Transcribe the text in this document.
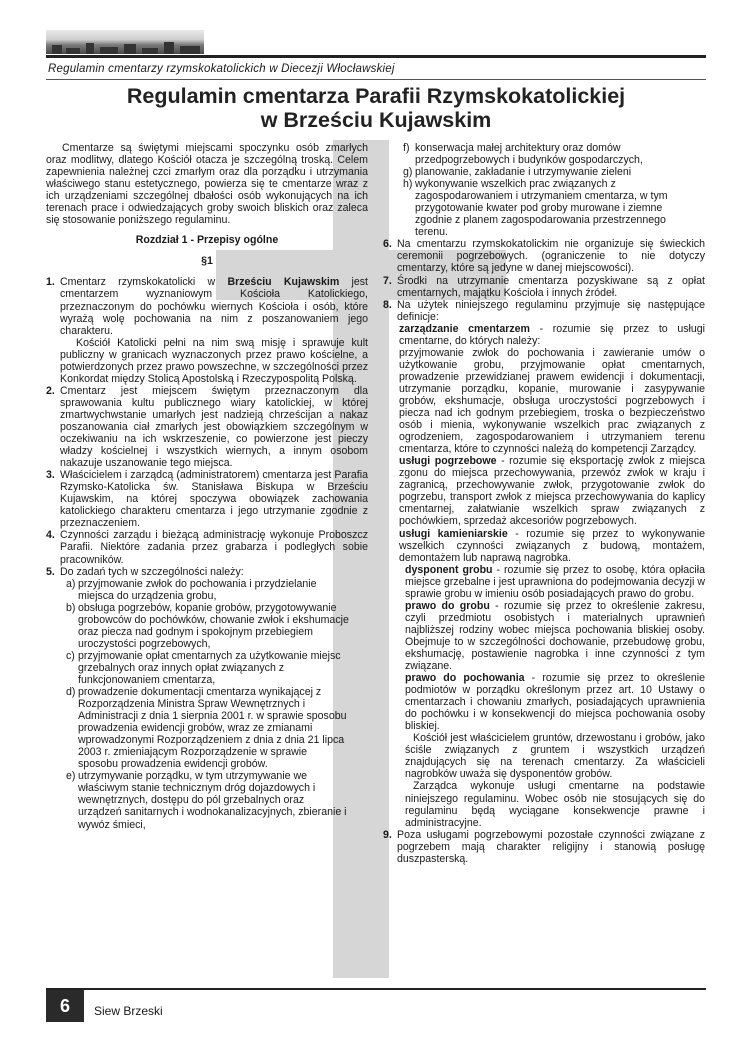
Regulamin cmentarzy rzymskokatolickich w Diecezji Włocławskiej
Regulamin cmentarza Parafii Rzymskokatolickiej
w Brześciu Kujawskim

Cmentarze są świętymi miejscami spoczynku osób zmarłych oraz modlitwy, dlatego Kościół otacza je szczególną troską. Celem zapewnienia należnej czci zmarłym oraz dla porządku i utrzymania właściwego stanu estetycznego, powierza się te cmentarze wraz z ich urządzeniami szczególnej dbałości osób wykonujących na ich terenach prace i odwiedzających groby swoich bliskich oraz zaleca się stosowanie poniższego regulaminu.

Rozdział 1 - Przepisy ogólne

§1

1. Cmentarz rzymskokatolicki w Brześciu Kujawskim jest cmentarzem wyznaniowym Kościoła Katolickiego, przeznaczonym do pochówku wiernych Kościoła i osób, które wyrażą wolę pochowania na nim z poszanowaniem jego charakteru.

Kościół Katolicki pełni na nim swą misję i sprawuje kult publiczny w granicach wyznaczonych przez prawo kościelne, a potwierdzonych przez prawo powszechne, w szczególności przez Konkordat między Stolicą Apostolską i Rzeczypospolitą Polską.

2. Cmentarz jest miejscem świętym przeznaczonym dla sprawowania kultu publicznego wiary katolickiej, w której zmartwychwstanie umarłych jest nadzieją chrześcijan a nakaz poszanowania ciał zmarłych jest obowiązkiem szczególnym w oczekiwaniu na ich wskrzeszenie, co powierzone jest pieczy władzy kościelnej i wszystkich wiernych, a innym osobom nakazuje uszanowanie tego miejsca.
3. Właścicielem i zarządcą (administratorem) cmentarza jest Parafia Rzymsko-Katolicka św. Stanisława Biskupa w Brześciu Kujawskim, na której spoczywa obowiązek zachowania katolickiego charakteru cmentarza i jego utrzymanie zgodnie z przeznaczeniem.
4. Czynności zarządu i bieżącą administrację wykonuje Proboszcz Parafii. Niektóre zadania przez grabarza i podległych sobie pracowników.
5. Do zadań tych w szczególności należy:
a) przyjmowanie zwłok do pochowania i przydzielanie miejsca do urządzenia grobu,
b) obsługa pogrzebów, kopanie grobów, przygotowywanie grobowców do pochówków, chowanie zwłok i ekshumacje oraz piecza nad godnym i spokojnym przebiegiem uroczystości pogrzebowych,
c) przyjmowanie opłat cmentarnych za użytkowanie miejsc grzebalnych oraz innych opłat związanych z funkcjonowaniem cmentarza,
d) prowadzenie dokumentacji cmentarza wynikającej z Rozporządzenia Ministra Spraw Wewnętrznych i Administracji z dnia 1 sierpnia 2001 r. w sprawie sposobu prowadzenia ewidencji grobów, wraz ze zmianami wprowadzonymi Rozporządzeniem z dnia z dnia 21 lipca 2003 r. zmieniającym Rozporządzenie w sprawie sposobu prowadzenia ewidencji grobów.
e) utrzymywanie porządku, w tym utrzymywanie we właściwym stanie technicznym dróg dojazdowych i wewnętrznych, dostępu do pól grzebalnych oraz urządzeń sanitarnych i wodnokanalizacyjnych, zbieranie i wywóz śmieci,
f) konserwacja małej architektury oraz domów przedpogrzebowych i budynków gospodarczych,
g) planowanie, zakładanie i utrzymywanie zieleni
h) wykonywanie wszelkich prac związanych z zagospodarowaniem i utrzymaniem cmentarza, w tym przygotowanie kwater pod groby murowane i ziemne zgodnie z planem zagospodarowania przestrzennego terenu.
6. Na cmentarzu rzymskokatolickim nie organizuje się świeckich ceremonii pogrzebowych. (ograniczenie to nie dotyczy cmentarzy, które są jedyne w danej miejscowości).
7. Środki na utrzymanie cmentarza pozyskiwane są z opłat cmentarnych, majątku Kościoła i innych źródeł.
8. Na użytek niniejszego regulaminu przyjmuje się następujące definicje:
zarządzanie cmentarzem - rozumie się przez to usługi cmentarne, do których należy:
przyjmowanie zwłok do pochowania i zawieranie umów o użytkowanie grobu, przyjmowanie opłat cmentarnych, prowadzenie przewidzianej prawem ewidencji i dokumentacji, utrzymanie porządku, kopanie, murowanie i zasypywanie grobów, ekshumacje, obsługa uroczystości pogrzebowych i piecza nad ich godnym przebiegiem, troska o bezpieczeństwo osób i mienia, wykonywanie wszelkich prac związanych z ogrodzeniem, zagospodarowaniem i utrzymaniem terenu cmentarza, które to czynności należą do kompetencji Zarządcy.
usługi pogrzebowe - rozumie się eksportację zwłok z miejsca zgonu do miejsca przechowywania, przewóz zwłok w kraju i zagranicą, przechowywanie zwłok, przygotowanie zwłok do pogrzebu, transport zwłok z miejsca przechowywania do kaplicy cmentarnej, załatwianie wszelkich spraw związanych z pochówkiem, sprzedaż akcesoriów pogrzebowych.
usługi kamieniarskie - rozumie się przez to wykonywanie wszelkich czynności związanych z budową, montażem, demontażem lub naprawą nagrobka.
dysponent grobu - rozumie się przez to osobę, która opłaciła miejsce grzebalne i jest uprawniona do podejmowania decyzji w sprawie grobu w imieniu osób posiadających prawo do grobu.
prawo do grobu - rozumie się przez to określenie zakresu, czyli przedmiotu osobistych i materialnych uprawnień najbliższej rodziny wobec miejsca pochowania bliskiej osoby. Obejmuje to w szczególności dochowanie, przebudowę grobu, ekshumację, postawienie nagrobka i inne czynności z tym związane.
prawo do pochowania - rozumie się przez to określenie podmiotów w porządku określonym przez art. 10 Ustawy o cmentarzach i chowaniu zmarłych, posiadających uprawnienia do pochówku i w konsekwencji do miejsca pochowania osoby bliskiej.
Kościół jest właścicielem gruntów, drzewostanu i grobów, jako ściśle związanych z gruntem i wszystkich urządzeń znajdujących się na terenach cmentarzy. Za właścicieli nagrobków uważa się dysponentów grobów.
Zarządca wykonuje usługi cmentarne na podstawie niniejszego regulaminu. Wobec osób nie stosujących się do regulaminu będą wyciągane konsekwencje prawne i administracyjne.
9. Poza usługami pogrzebowymi pozostałe czynności związane z pogrzebem mają charakter religijny i stanowią posługę duszpasterską.
6	Siew Brzeski
